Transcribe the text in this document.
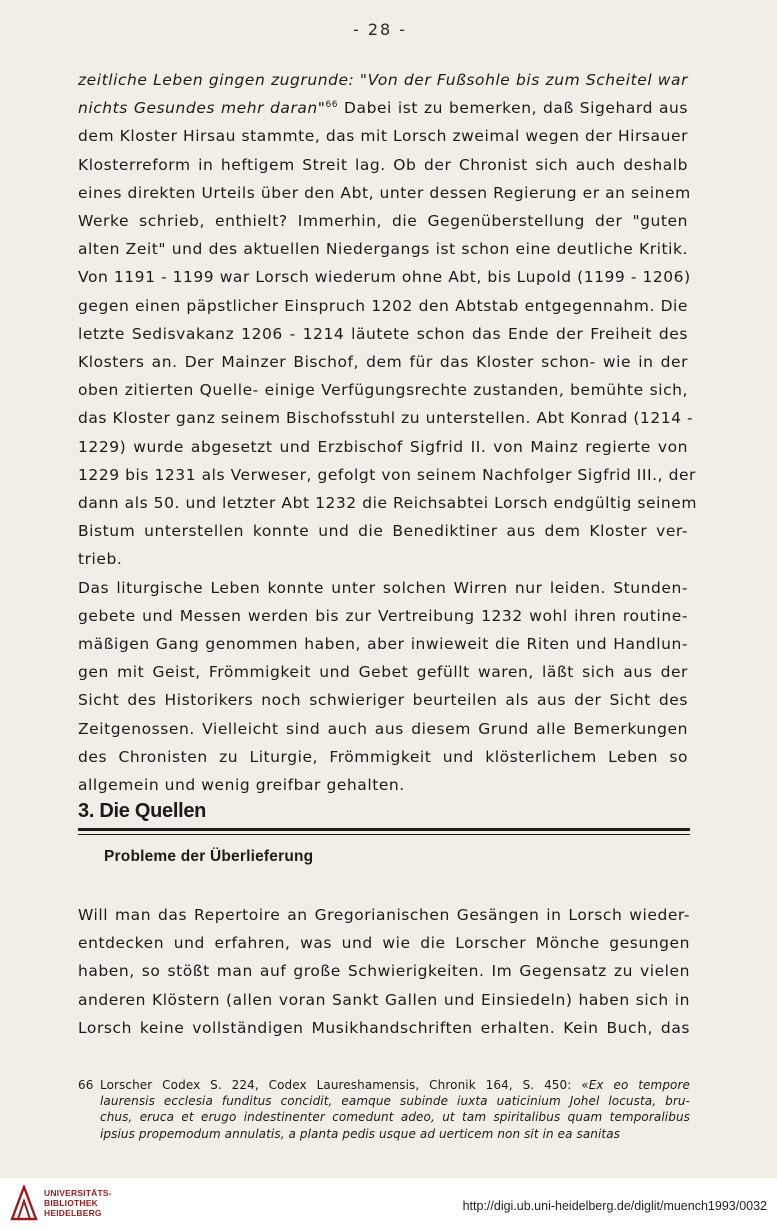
- 28 -
zeitliche Leben gingen zugrunde: "Von der Fußsohle bis zum Scheitel war
nichts Gesundes mehr daran"$^{66}$ Dabei ist zu bemerken, daß Sigehard aus
dem Kloster Hirsau stammte, das mit Lorsch zweimal wegen der Hirsauer
Klosterreform in heftigem Streit lag. Ob der Chronist sich auch deshalb
eines direkten Urteils über den Abt, unter dessen Regierung er an seinem
Werke schrieb, enthielt? Immerhin, die Gegenüberstellung der "guten
alten Zeit" und des aktuellen Niedergangs ist schon eine deutliche Kritik.
Von 1191 - 1199 war Lorsch wiederum ohne Abt, bis Lupold (1199 - 1206)
gegen einen päpstlicher Einspruch 1202 den Abtstab entgegennahm. Die
letzte Sedisvakanz 1206 - 1214 läutete schon das Ende der Freiheit des
Klosters an. Der Mainzer Bischof, dem für das Kloster schon- wie in der
oben zitierten Quelle- einige Verfügungsrechte zustanden, bemühte sich,
das Kloster ganz seinem Bischofsstuhl zu unterstellen. Abt Konrad (1214 -
1229) wurde abgesetzt und Erzbischof Sigfrid II. von Mainz regierte von
1229 bis 1231 als Verweser, gefolgt von seinem Nachfolger Sigfrid III., der
dann als 50. und letzter Abt 1232 die Reichsabtei Lorsch endgültig seinem
Bistum unterstellen konnte und die Benediktiner aus dem Kloster ver-
trieb.
Das liturgische Leben konnte unter solchen Wirren nur leiden. Stunden-
gebete und Messen werden bis zur Vertreibung 1232 wohl ihren routine-
mäßigen Gang genommen haben, aber inwieweit die Riten und Handlun-
gen mit Geist, Frömmigkeit und Gebet gefüllt waren, läßt sich aus der
Sicht des Historikers noch schwieriger beurteilen als aus der Sicht des
Zeitgenossen. Vielleicht sind auch aus diesem Grund alle Bemerkungen
des Chronisten zu Liturgie, Frömmigkeit und klösterlichem Leben so
allgemein und wenig greifbar gehalten.
3. Die Quellen
Probleme der Überlieferung
Will man das Repertoire an Gregorianischen Gesängen in Lorsch wieder-
entdecken und erfahren, was und wie die Lorscher Mönche gesungen
haben, so stößt man auf große Schwierigkeiten. Im Gegensatz zu vielen
anderen Klöstern (allen voran Sankt Gallen und Einsiedeln) haben sich in
Lorsch keine vollständigen Musikhandschriften erhalten. Kein Buch, das
66 Lorscher Codex S. 224, Codex Laureshamensis, Chronik 164, S. 450: «Ex eo tempore
laurensis ecclesia funditus concidit, eamque subinde iuxta uaticinium Johel locusta, bru-
chus, eruca et erugo indestinenter comedunt adeo, ut tam spiritalibus quam temporalibus
ipsius propemodum annulatis, a planta pedis usque ad uerticem non sit in ea sanitas
UNIVERSITÄTS-
BIBLIOTHEK
HEIDELBERG	http://digi.ub.uni-heidelberg.de/diglit/muench1993/0032
